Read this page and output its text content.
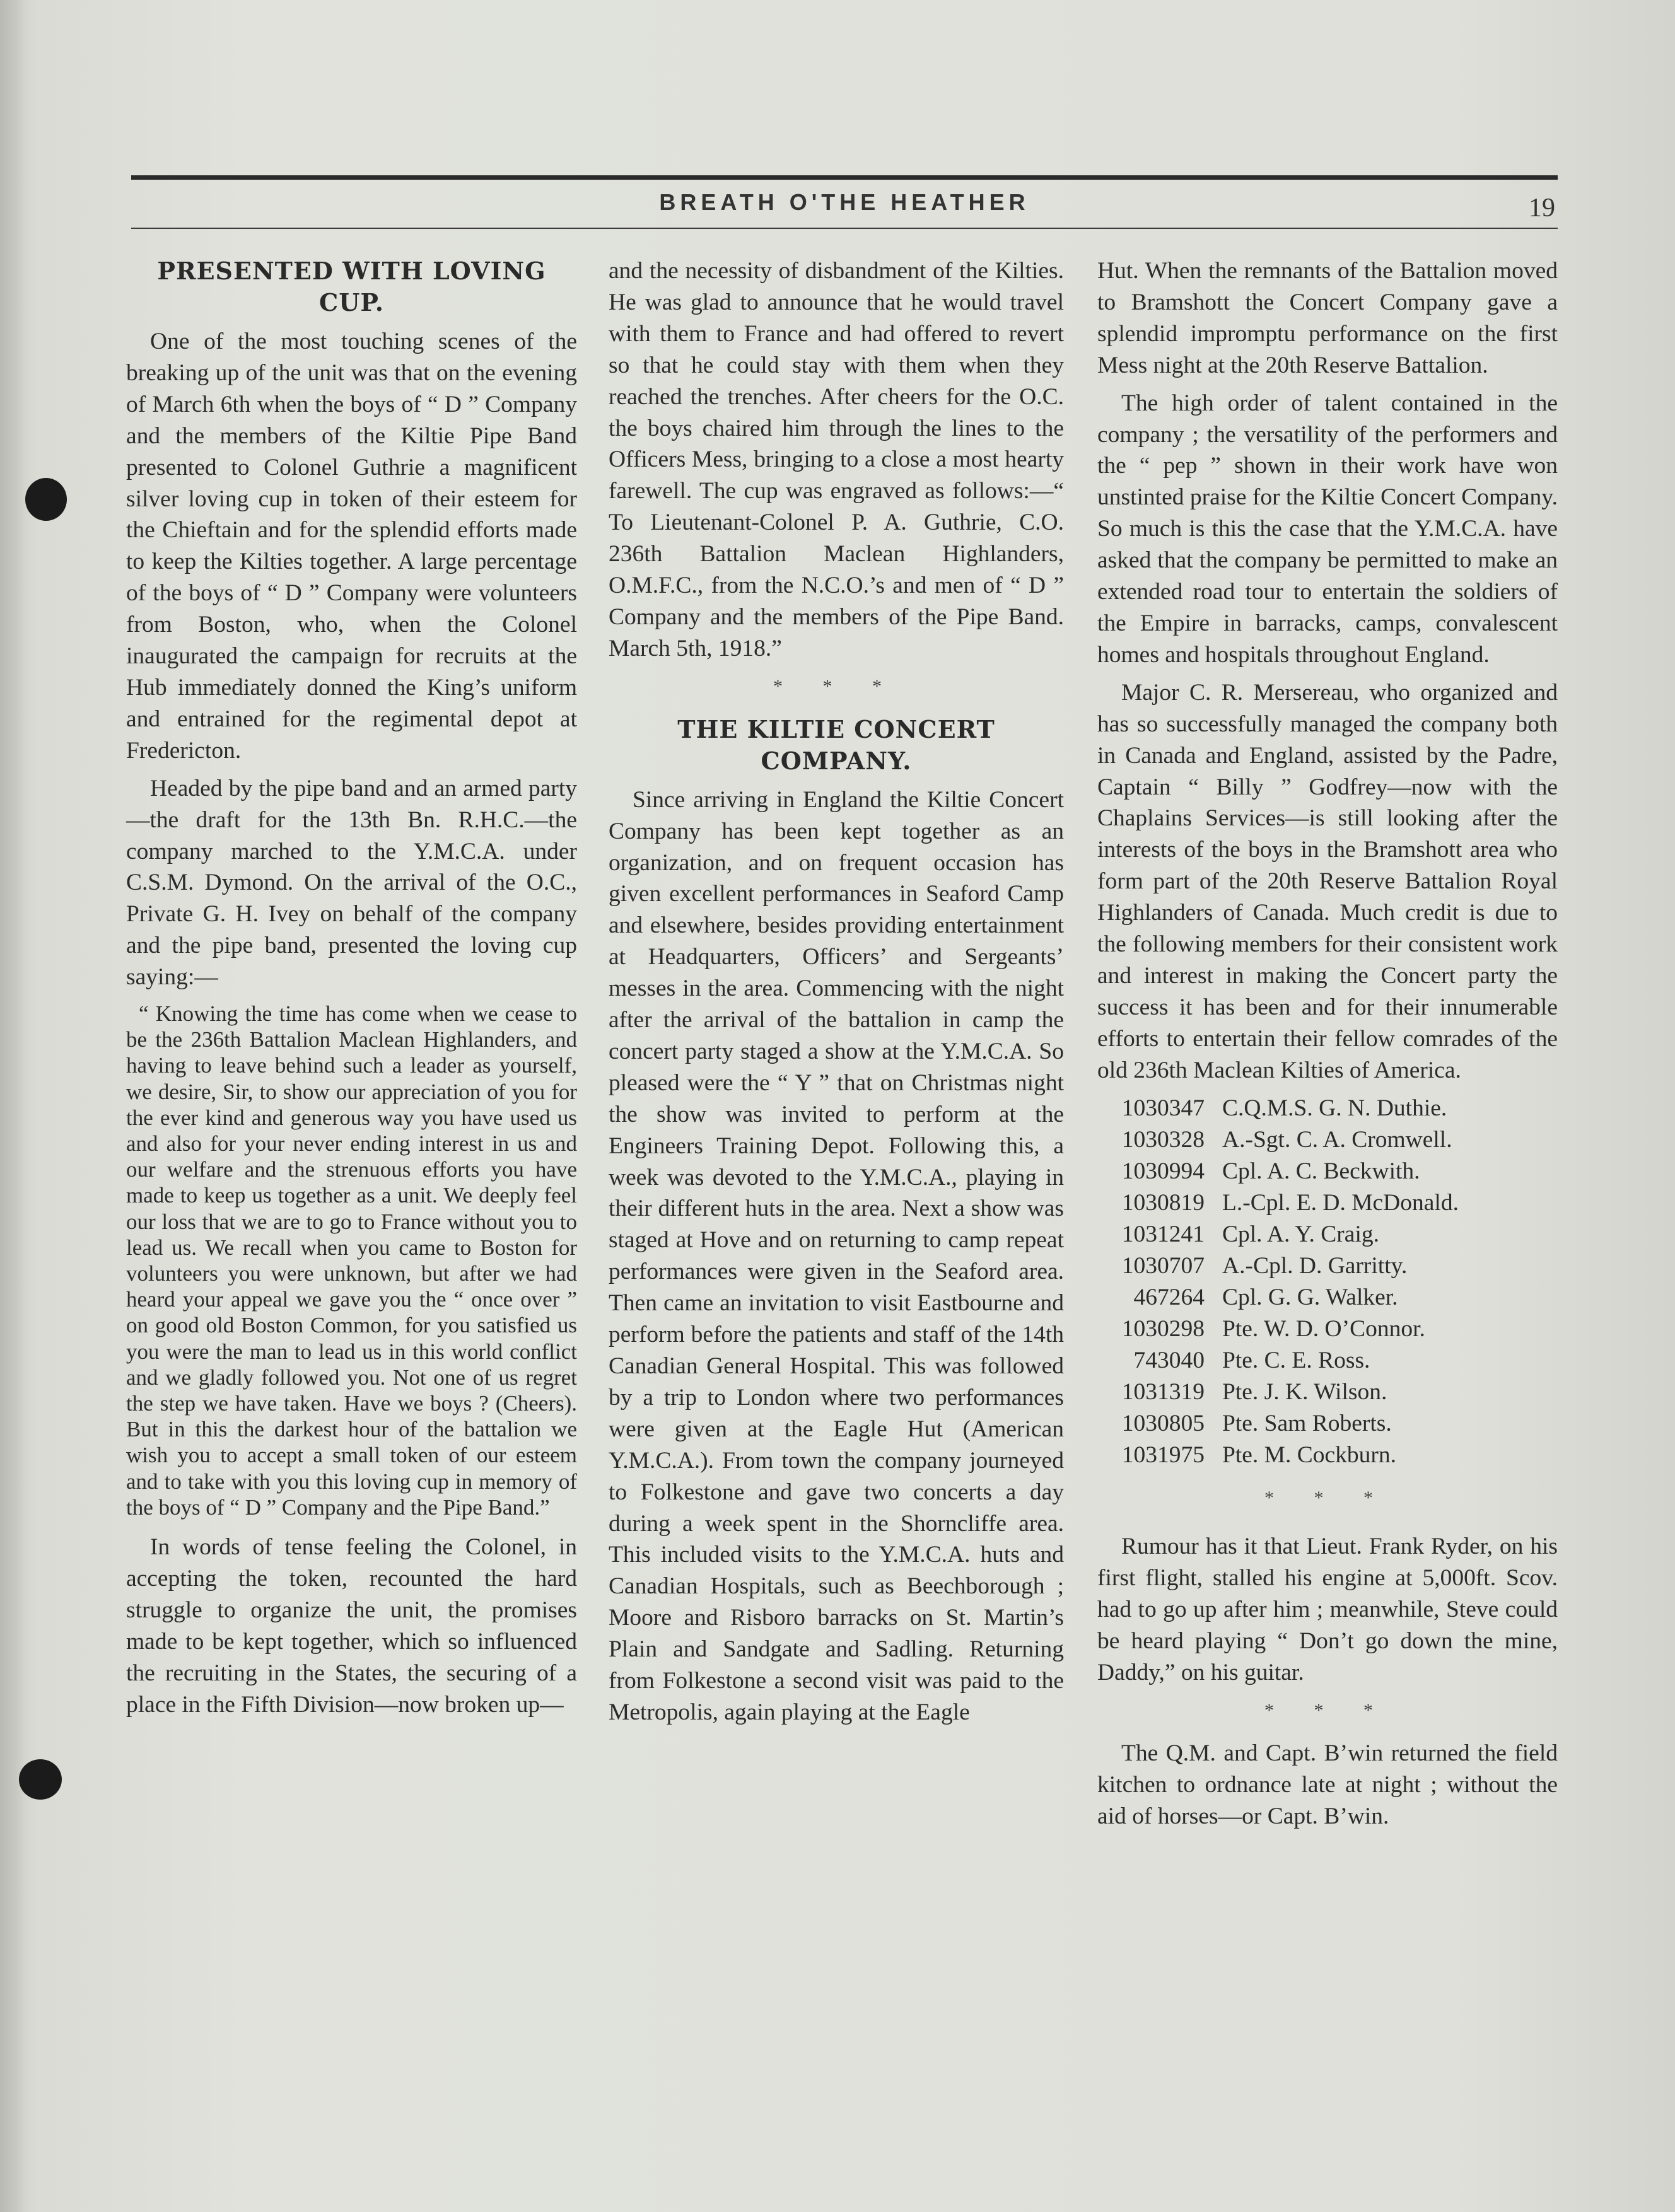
BREATH O'THE HEATHER	19
PRESENTED WITH LOVING CUP.

One of the most touching scenes of the breaking up of the unit was that on the evening of March 6th when the boys of “ D ” Company and the members of the Kiltie Pipe Band presented to Colonel Guthrie a magnificent silver loving cup in token of their esteem for the Chieftain and for the splendid efforts made to keep the Kilties together. A large percentage of the boys of “ D ” Company were volunteers from Boston, who, when the Colonel inaugurated the campaign for recruits at the Hub immediately donned the King’s uniform and entrained for the regimental depot at Fredericton.

Headed by the pipe band and an armed party—the draft for the 13th Bn. R.H.C.—the company marched to the Y.M.C.A. under C.S.M. Dymond. On the arrival of the O.C., Private G. H. Ivey on behalf of the company and the pipe band, presented the loving cup saying:—

“ Knowing the time has come when we cease to be the 236th Battalion Maclean Highlanders, and having to leave behind such a leader as yourself, we desire, Sir, to show our appreciation of you for the ever kind and generous way you have used us and also for your never ending interest in us and our welfare and the strenuous efforts you have made to keep us together as a unit. We deeply feel our loss that we are to go to France without you to lead us. We recall when you came to Boston for volunteers you were unknown, but after we had heard your appeal we gave you the “ once over ” on good old Boston Common, for you satisfied us you were the man to lead us in this world conflict and we gladly followed you. Not one of us regret the step we have taken. Have we boys ? (Cheers). But in this the darkest hour of the battalion we wish you to accept a small token of our esteem and to take with you this loving cup in memory of the boys of “ D ” Company and the Pipe Band.”

In words of tense feeling the Colonel, in accepting the token, recounted the hard struggle to organize the unit, the promises made to be kept together, which so influenced the recruiting in the States, the securing of a place in the Fifth Division—now broken up—

and the necessity of disbandment of the Kilties. He was glad to announce that he would travel with them to France and had offered to revert so that he could stay with them when they reached the trenches. After cheers for the O.C. the boys chaired him through the lines to the Officers Mess, bringing to a close a most hearty farewell. The cup was engraved as follows:—“ To Lieutenant-Colonel P. A. Guthrie, C.O. 236th Battalion Maclean Highlanders, O.M.F.C., from the N.C.O.’s and men of “ D ” Company and the members of the Pipe Band. March 5th, 1918.”

* * *
THE KILTIE CONCERT COMPANY.

Since arriving in England the Kiltie Concert Company has been kept together as an organization, and on frequent occasion has given excellent performances in Seaford Camp and elsewhere, besides providing entertainment at Headquarters, Officers’ and Sergeants’ messes in the area. Commencing with the night after the arrival of the battalion in camp the concert party staged a show at the Y.M.C.A. So pleased were the “ Y ” that on Christmas night the show was invited to perform at the Engineers Training Depot. Following this, a week was devoted to the Y.M.C.A., playing in their different huts in the area. Next a show was staged at Hove and on returning to camp repeat performances were given in the Seaford area. Then came an invitation to visit Eastbourne and perform before the patients and staff of the 14th Canadian General Hospital. This was followed by a trip to London where two performances were given at the Eagle Hut (American Y.M.C.A.). From town the company journeyed to Folkestone and gave two concerts a day during a week spent in the Shorncliffe area. This included visits to the Y.M.C.A. huts and Canadian Hospitals, such as Beechborough ; Moore and Risboro barracks on St. Martin’s Plain and Sandgate and Sadling. Returning from Folkestone a second visit was paid to the Metropolis, again playing at the Eagle

Hut. When the remnants of the Battalion moved to Bramshott the Concert Company gave a splendid impromptu performance on the first Mess night at the 20th Reserve Battalion.

The high order of talent contained in the company ; the versatility of the performers and the “ pep ” shown in their work have won unstinted praise for the Kiltie Concert Company. So much is this the case that the Y.M.C.A. have asked that the company be permitted to make an extended road tour to entertain the soldiers of the Empire in barracks, camps, convalescent homes and hospitals throughout England.

Major C. R. Mersereau, who organized and has so successfully managed the company both in Canada and England, assisted by the Padre, Captain “ Billy ” Godfrey—now with the Chaplains Services—is still looking after the interests of the boys in the Bramshott area who form part of the 20th Reserve Battalion Royal Highlanders of Canada. Much credit is due to the following members for their consistent work and interest in making the Concert party the success it has been and for their innumerable efforts to entertain their fellow comrades of the old 236th Maclean Kilties of America.

1030347 C.Q.M.S. G. N. Duthie.
1030328 A.-Sgt. C. A. Cromwell.
1030994 Cpl. A. C. Beckwith.
1030819 L.-Cpl. E. D. McDonald.
1031241 Cpl. A. Y. Craig.
1030707 A.-Cpl. D. Garritty.
467264 Cpl. G. G. Walker.
1030298 Pte. W. D. O’Connor.
743040 Pte. C. E. Ross.
1031319 Pte. J. K. Wilson.
1030805 Pte. Sam Roberts.
1031975 Pte. M. Cockburn.
* * *

Rumour has it that Lieut. Frank Ryder, on his first flight, stalled his engine at 5,000ft. Scov. had to go up after him ; meanwhile, Steve could be heard playing “ Don’t go down the mine, Daddy,” on his guitar.

* * *

The Q.M. and Capt. B’win returned the field kitchen to ordnance late at night ; without the aid of horses—or Capt. B’win.
